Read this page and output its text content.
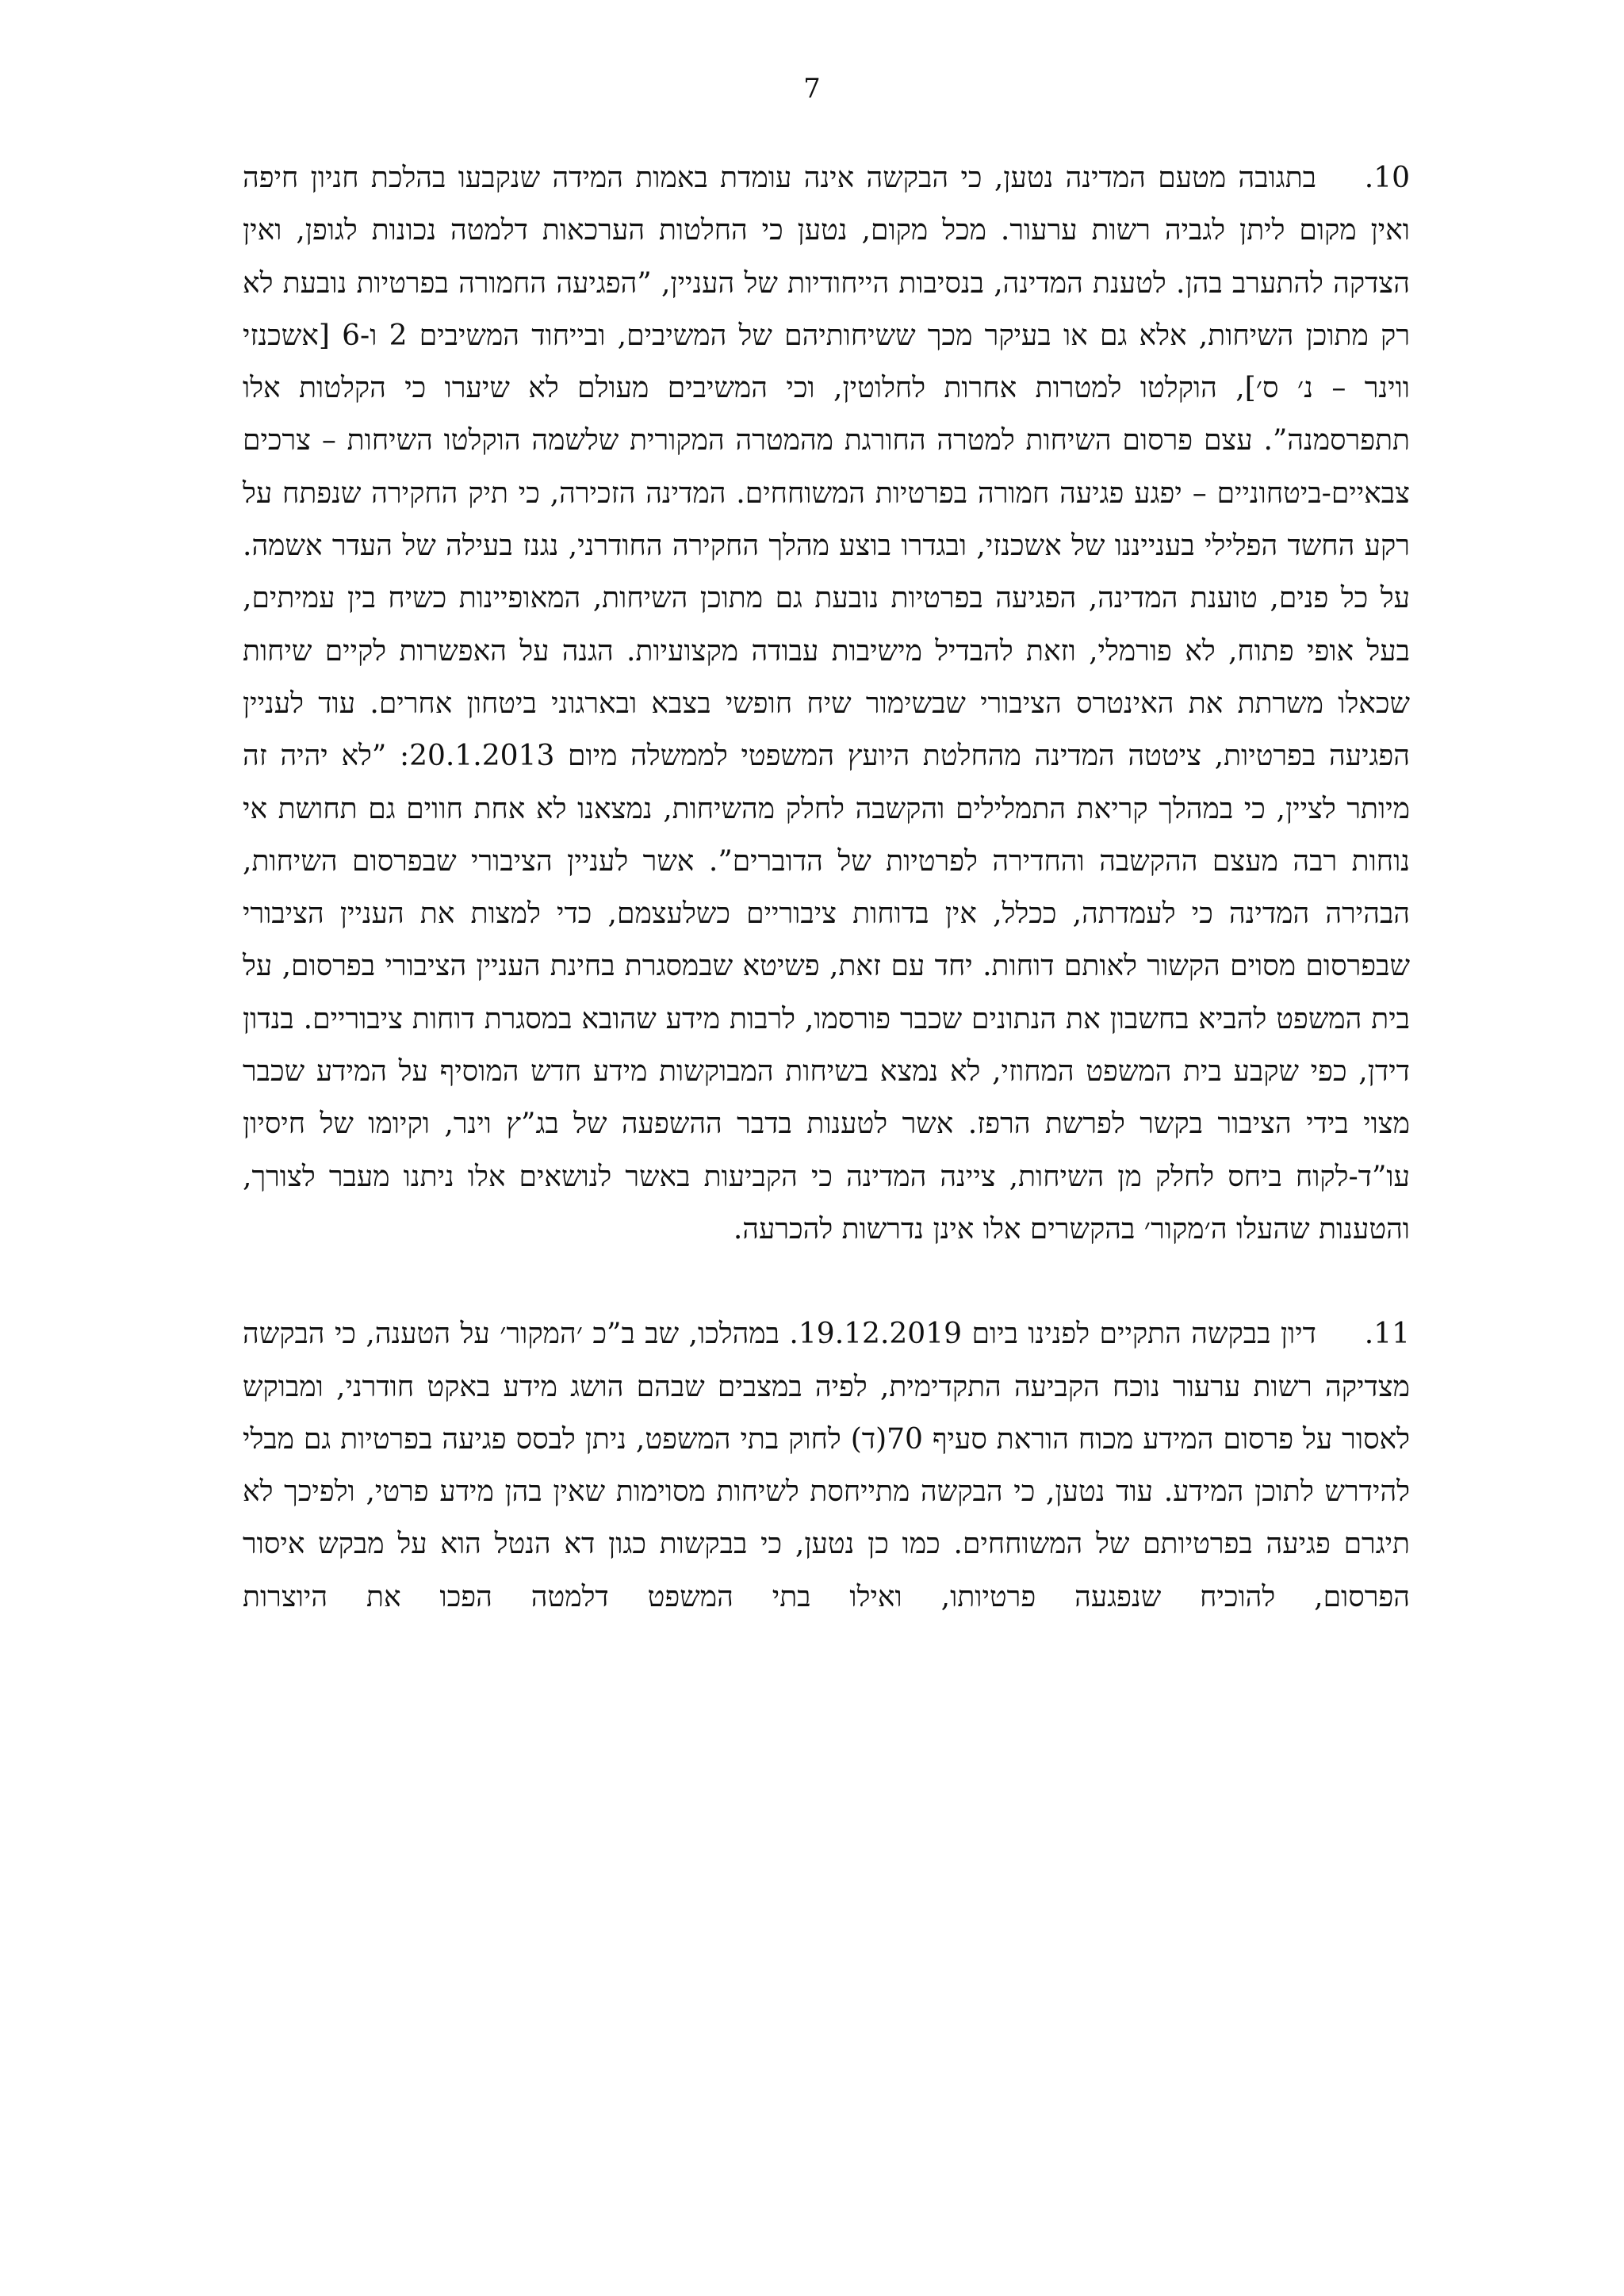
7

10.בתגובה מטעם המדינה נטען, כי הבקשה אינה עומדת באמות המידה שנקבעו בהלכת חניון חיפה ואין מקום ליתן לגביה רשות ערעור. מכל מקום, נטען כי החלטות הערכאות דלמטה נכונות לגופן, ואין הצדקה להתערב בהן. לטענת המדינה, בנסיבות הייחודיות של העניין, ”הפגיעה החמורה בפרטיות נובעת לא רק מתוכן השיחות, אלא גם או בעיקר מכך ששיחותיהם של המשיבים, ובייחוד המשיבים 2 ו-6 [אשכנזי ווינר – נ׳ ס׳], הוקלטו למטרות אחרות לחלוטין, וכי המשיבים מעולם לא שיערו כי הקלטות אלו תתפרסמנה”. עצם פרסום השיחות למטרה החורגת מהמטרה המקורית שלשמה הוקלטו השיחות – צרכים צבאיים-ביטחוניים – יפגע פגיעה חמורה בפרטיות המשוחחים. המדינה הזכירה, כי תיק החקירה שנפתח על רקע החשד הפלילי בענייננו של אשכנזי, ובגדרו בוצע מהלך החקירה החודרני, נגנז בעילה של העדר אשמה. על כל פנים, טוענת המדינה, הפגיעה בפרטיות נובעת גם מתוכן השיחות, המאופיינות כשיח בין עמיתים, בעל אופי פתוח, לא פורמלי, וזאת להבדיל מישיבות עבודה מקצועיות. הגנה על האפשרות לקיים שיחות שכאלו משרתת את האינטרס הציבורי שבשימור שיח חופשי בצבא ובארגוני ביטחון אחרים. עוד לעניין הפגיעה בפרטיות, ציטטה המדינה מהחלטת היועץ המשפטי לממשלה מיום 20.1.2013: ”לא יהיה זה מיותר לציין, כי במהלך קריאת התמלילים והקשבה לחלק מהשיחות, נמצאנו לא אחת חווים גם תחושת אי נוחות רבה מעצם ההקשבה והחדירה לפרטיות של הדוברים”. אשר לעניין הציבורי שבפרסום השיחות, הבהירה המדינה כי לעמדתה, ככלל, אין בדוחות ציבוריים כשלעצמם, כדי למצות את העניין הציבורי שבפרסום מסוים הקשור לאותם דוחות. יחד עם זאת, פשיטא שבמסגרת בחינת העניין הציבורי בפרסום, על בית המשפט להביא בחשבון את הנתונים שכבר פורסמו, לרבות מידע שהובא במסגרת דוחות ציבוריים. בנדון דידן, כפי שקבע בית המשפט המחוזי, לא נמצא בשיחות המבוקשות מידע חדש המוסיף על המידע שכבר מצוי בידי הציבור בקשר לפרשת הרפז. אשר לטענות בדבר ההשפעה של בג”ץ וינר, וקיומו של חיסיון עו”ד-לקוח ביחס לחלק מן השיחות, ציינה המדינה כי הקביעות באשר לנושאים אלו ניתנו מעבר לצורך, והטענות שהעלו ה׳מקור׳ בהקשרים אלו אינן נדרשות להכרעה.

11.דיון בבקשה התקיים לפנינו ביום 19.12.2019. במהלכו, שב ב”כ ׳המקור׳ על הטענה, כי הבקשה מצדיקה רשות ערעור נוכח הקביעה התקדימית, לפיה במצבים שבהם הושג מידע באקט חודרני, ומבוקש לאסור על פרסום המידע מכוח הוראת סעיף 70(ד) לחוק בתי המשפט, ניתן לבסס פגיעה בפרטיות גם מבלי להידרש לתוכן המידע. עוד נטען, כי הבקשה מתייחסת לשיחות מסוימות שאין בהן מידע פרטי, ולפיכך לא תיגרם פגיעה בפרטיותם של המשוחחים. כמו כן נטען, כי בבקשות כגון דא הנטל הוא על מבקש איסור הפרסום, להוכיח שנפגעה פרטיותו, ואילו בתי המשפט דלמטה הפכו את היוצרות
